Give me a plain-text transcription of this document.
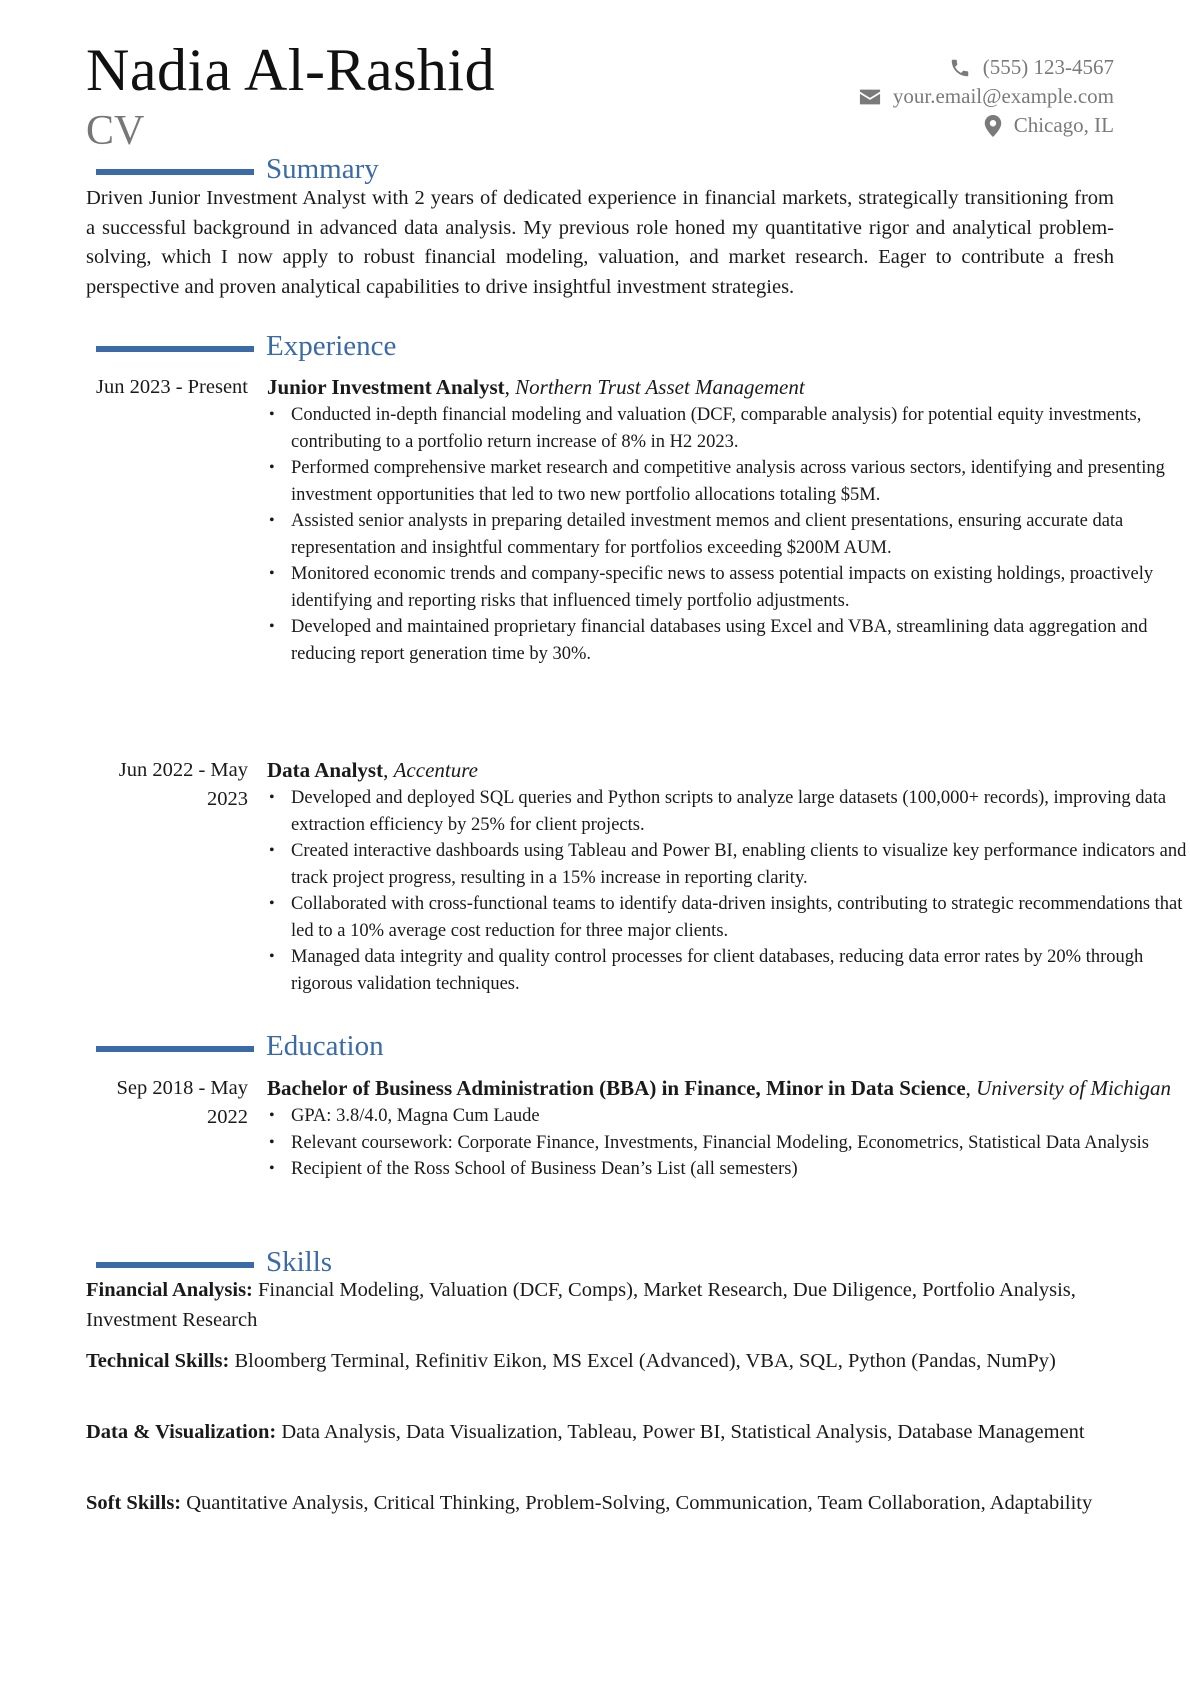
Nadia Al-Rashid
CV
(555) 123-4567
your.email@example.com
Chicago, IL
Summary
Driven Junior Investment Analyst with 2 years of dedicated experience in financial markets, strategically transitioning from a successful background in advanced data analysis. My previous role honed my quantitative rigor and analytical problem-solving, which I now apply to robust financial modeling, valuation, and market research. Eager to contribute a fresh perspective and proven analytical capabilities to drive insightful investment strategies.
Experience
Jun 2023 - Present Junior Investment Analyst, Northern Trust Asset Management
• Conducted in-depth financial modeling and valuation (DCF, comparable analysis) for potential equity investments, contributing to a portfolio return increase of 8% in H2 2023.
• Performed comprehensive market research and competitive analysis across various sectors, identifying and presenting investment opportunities that led to two new portfolio allocations totaling $5M.
• Assisted senior analysts in preparing detailed investment memos and client presentations, ensuring accurate data representation and insightful commentary for portfolios exceeding $200M AUM.
• Monitored economic trends and company-specific news to assess potential impacts on existing holdings, proactively identifying and reporting risks that influenced timely portfolio adjustments.
• Developed and maintained proprietary financial databases using Excel and VBA, streamlining data aggregation and reducing report generation time by 30%.
Jun 2022 - May 2023
Data Analyst, Accenture
• Developed and deployed SQL queries and Python scripts to analyze large datasets (100,000+ records), improving data extraction efficiency by 25% for client projects.
• Created interactive dashboards using Tableau and Power BI, enabling clients to visualize key performance indicators and track project progress, resulting in a 15% increase in reporting clarity.
• Collaborated with cross-functional teams to identify data-driven insights, contributing to strategic recommendations that led to a 10% average cost reduction for three major clients.
• Managed data integrity and quality control processes for client databases, reducing data error rates by 20% through rigorous validation techniques.
Education
Sep 2018 - May 2022
Bachelor of Business Administration (BBA) in Finance, Minor in Data Science, University of Michigan
• GPA: 3.8/4.0, Magna Cum Laude
• Relevant coursework: Corporate Finance, Investments, Financial Modeling, Econometrics, Statistical Data Analysis
• Recipient of the Ross School of Business Dean’s List (all semesters)
Skills
Financial Analysis: Financial Modeling, Valuation (DCF, Comps), Market Research, Due Diligence, Portfolio Analysis, Investment Research
Technical Skills: Bloomberg Terminal, Refinitiv Eikon, MS Excel (Advanced), VBA, SQL, Python (Pandas, NumPy)
Data & Visualization: Data Analysis, Data Visualization, Tableau, Power BI, Statistical Analysis, Database Management
Soft Skills: Quantitative Analysis, Critical Thinking, Problem-Solving, Communication, Team Collaboration, Adaptability
